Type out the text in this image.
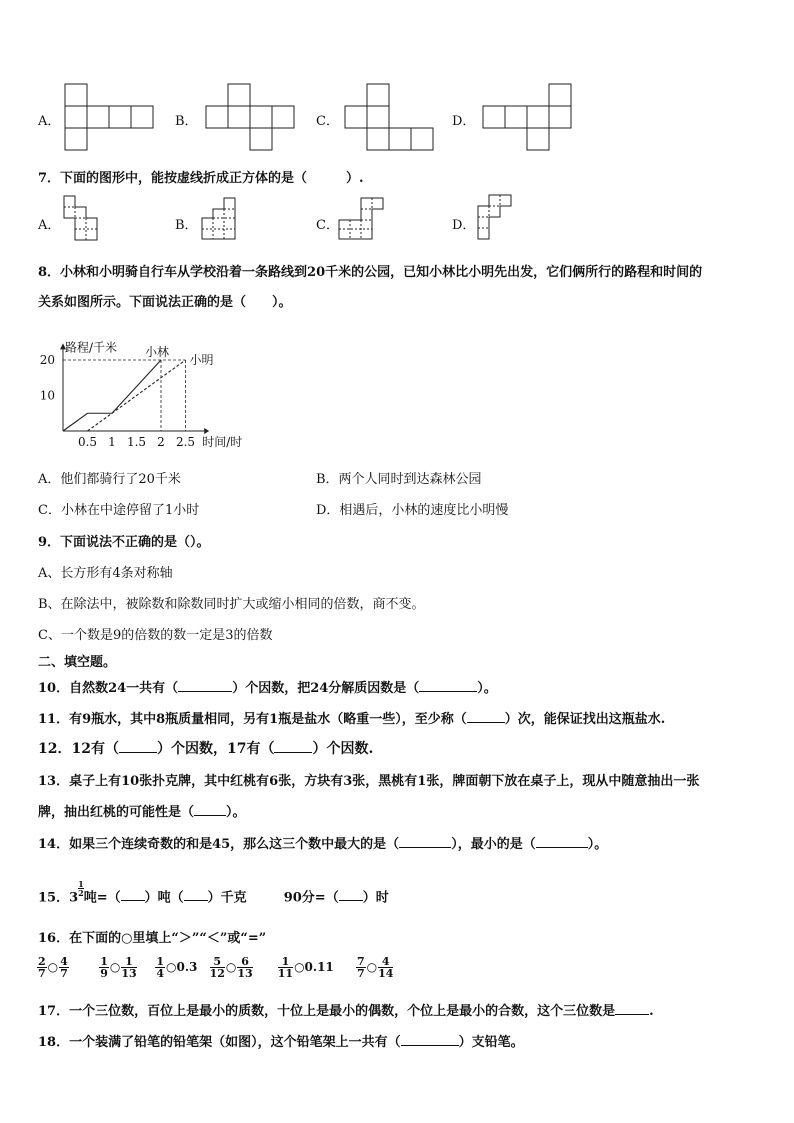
A．	B．	C．	D．
7．下面的图形中，能按虚线折成正方体的是（　　　）.
A．	B．	C．	D．
8．小林和小明骑自行车从学校沿着一条路线到20千米的公园，已知小林比小明先出发，它们俩所行的路程和时间的
关系如图所示。下面说法正确的是（　　）。
0.5 1 1.5 2 2.5
10
20
时间/时
路程/千米 小林
小明
A．他们都骑行了20千米	B．两个人同时到达森林公园
C．小林在中途停留了1小时	D．相遇后，小林的速度比小明慢
9．下面说法不正确的是（）。
A、长方形有4条对称轴
B、在除法中，被除数和除数同时扩大或缩小相同的倍数，商不变。
C、一个数是9的倍数的数一定是3的倍数
二、填空题。
10．自然数24一共有（	）个因数，把24分解质因数是（	）。
11．有9瓶水，其中8瓶质量相同，另有1瓶是盐水（略重一些），至少称（	）次，能保证找出这瓶盐水.
12．12有（	）个因数，17有（	）个因数.
13．桌子上有10张扑克牌，其中红桃有6张，方块有3张，黑桃有1张，牌面朝下放在桌子上，现从中随意抽出一张
牌，抽出红桃的可能性是（ ）。
14．如果三个连续奇数的和是45，那么这三个数中最大的是（	），最小的是（	）。
15．3
$\frac{1}{2}$
吨=（ ）吨（ ）千克	90分=（ ）时
16．在下面的○里填上“＞”“＜”或“=”
$\frac{2}{7}$ ○ $\frac{4}{7}$
	$\frac{1}{9}$ ○ $\frac{1}{13}$
$\frac{1}{4}$ ○0.3 $\frac{5}{12}$ ○ $\frac{6}{13}$
$\frac{1}{11}$ ○0.11 $\frac{7}{7}$ ○ $\frac{4}{14}$
17．一个三位数，百位上是最小的质数，十位上是最小的偶数，个位上是最小的合数，这个三位数是	.
18．一个装满了铅笔的铅笔架（如图），这个铅笔架上一共有（	）支铅笔。
